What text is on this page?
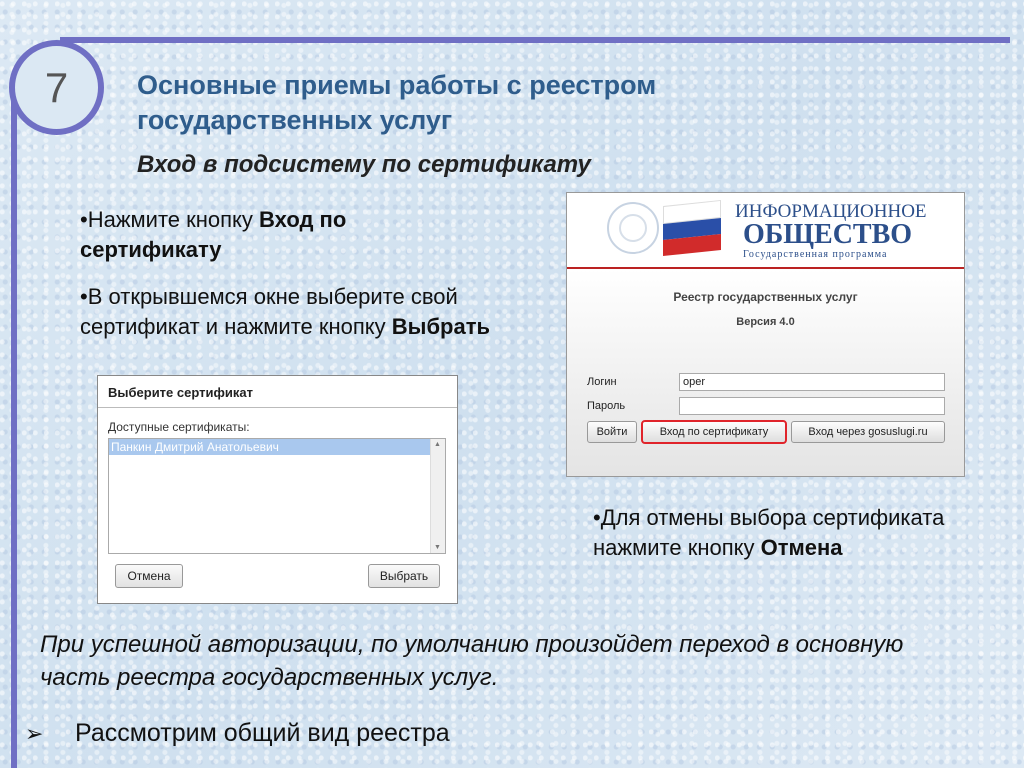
7	Основные приемы работы с реестром государственных услуг
Вход в подсистему по сертификату
•Нажмите кнопку Вход по сертификату
•В открывшемся окне выберите свой сертификат и нажмите кнопку Выбрать
•Для отмены выбора сертификата нажмите кнопку Отмена
Выберите сертификат
Доступные сертификаты:
Панкин Дмитрий Анатольевич	▲
▼
Отмена	Выбрать
ИНФОРМАЦИОННОЕ
ОБЩЕСТВО
Государственная программа
Реестр государственных услуг
Версия 4.0
Логин	oper
Пароль
Войти	Вход по сертификату	Вход через gosuslugi.ru
При успешной авторизации, по умолчанию произойдет переход в основную часть реестра государственных услуг.
➢ Рассмотрим общий вид реестра
